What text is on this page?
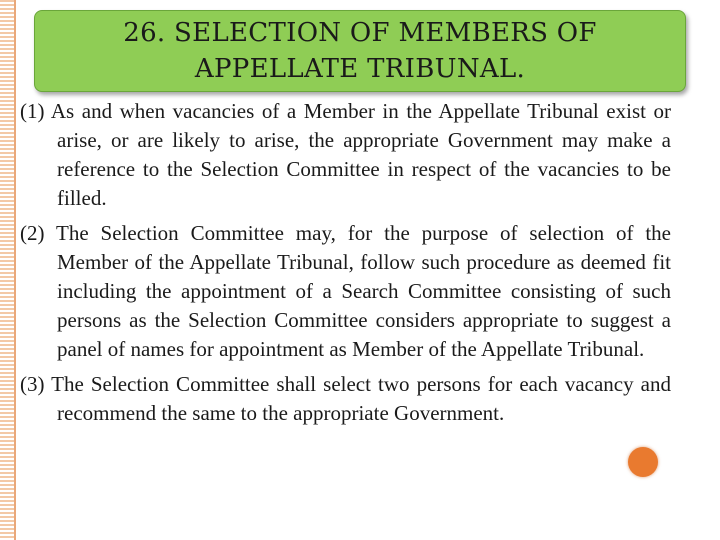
26. SELECTION OF MEMBERS OF
APPELLATE TRIBUNAL.

(1) As and when vacancies of a Member in the Appellate Tribunal exist or arise, or are likely to arise, the appropriate Government may make a reference to the Selection Committee in respect of the vacancies to be filled.

(2) The Selection Committee may, for the purpose of selection of the Member of the Appellate Tribunal, follow such procedure as deemed fit including the appointment of a Search Committee consisting of such persons as the Selection Committee considers appropriate to suggest a panel of names for appointment as Member of the Appellate Tribunal.

(3) The Selection Committee shall select two persons for each vacancy and recommend the same to the appropriate Government.
